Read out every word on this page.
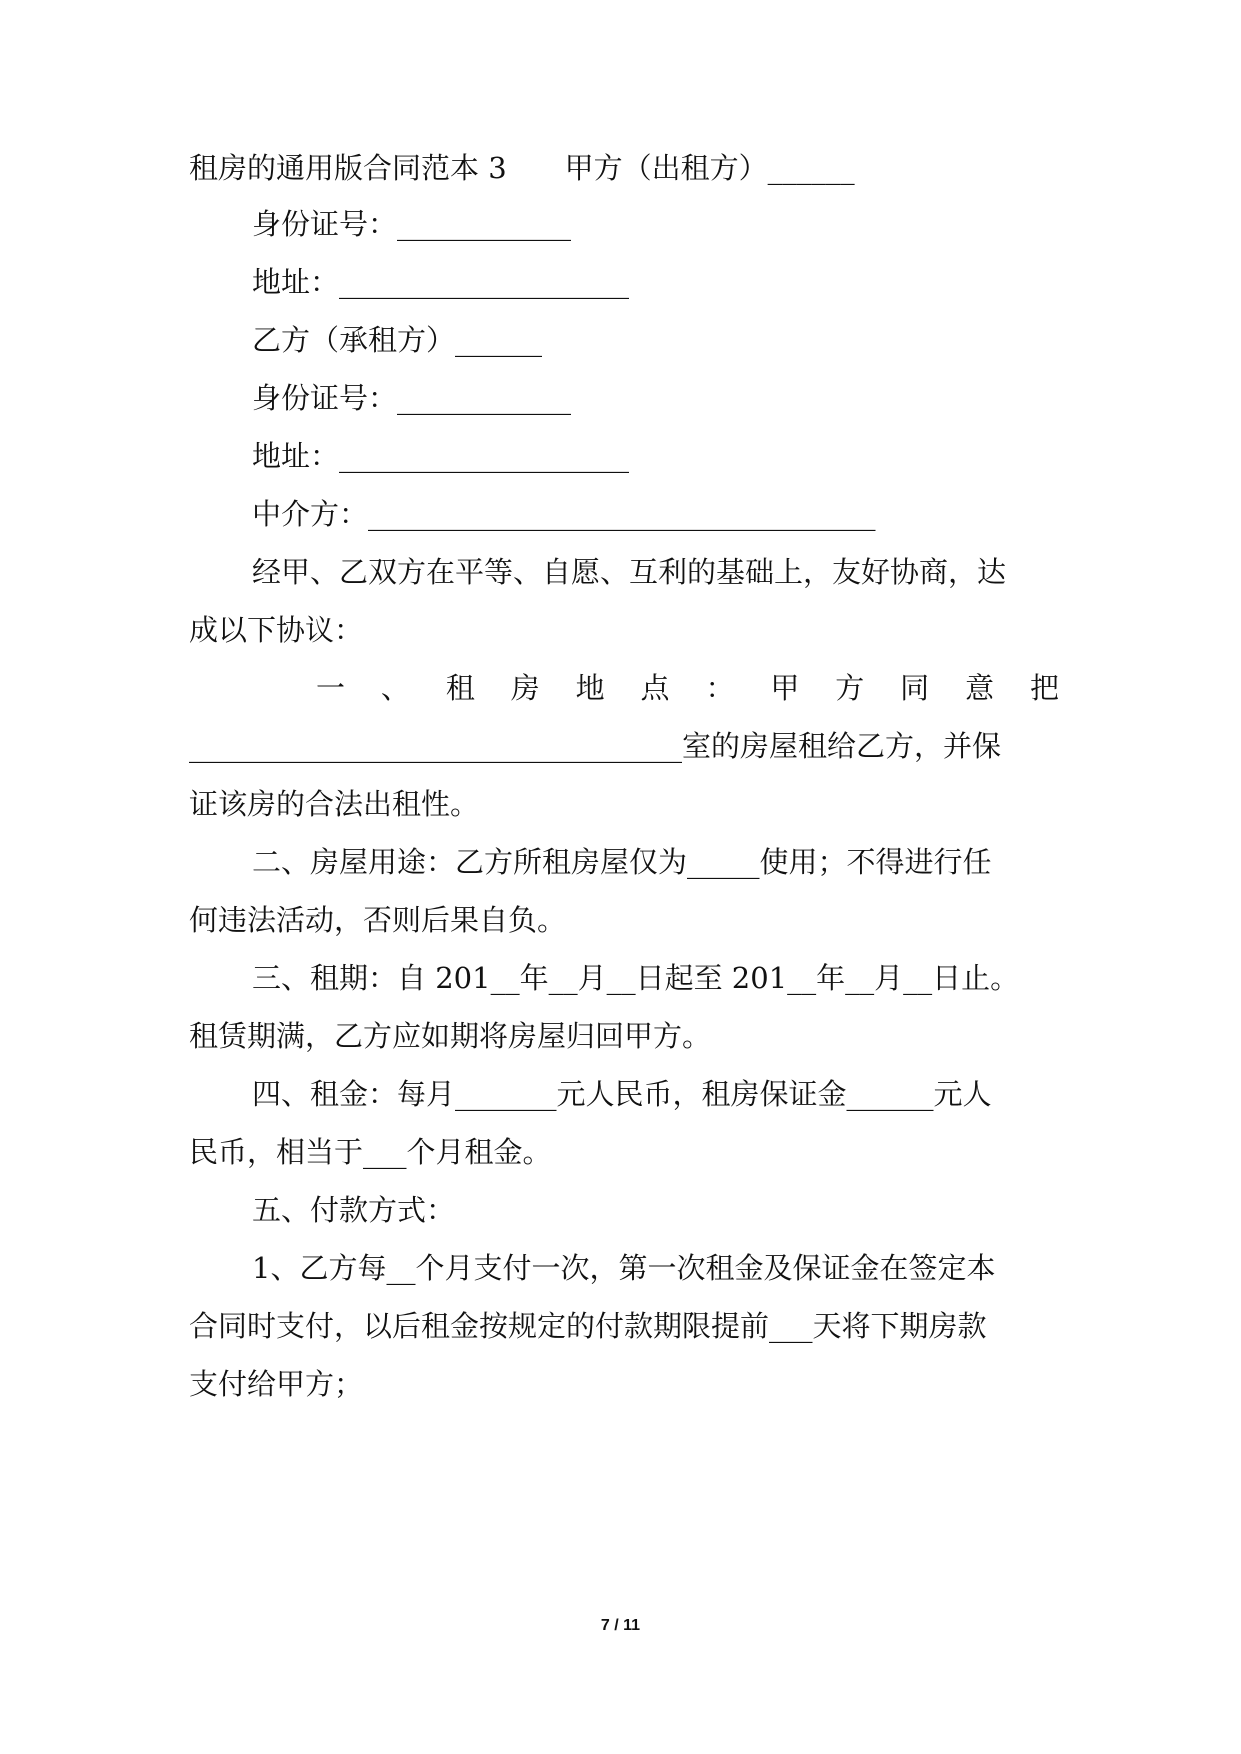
租房的通用版合同范本 3　　甲方（出租方）______
身份证号：____________
地址：____________________
乙方（承租方）______
身份证号：____________
地址：____________________
中介方：___________________________________
经甲、乙双方在平等、自愿、互利的基础上，友好协商，达
成以下协议：
一 、 租 房 地 点 ： 甲 方 同 意 把
__________________________________室的房屋租给乙方，并保
证该房的合法出租性。
二、房屋用途：乙方所租房屋仅为_____使用；不得进行任
何违法活动，否则后果自负。
三、租期：自 201__年__月__日起至 201__年__月__日止。
租赁期满，乙方应如期将房屋归回甲方。
四、租金：每月_______元人民币，租房保证金______元人
民币，相当于___个月租金。
五、付款方式：
1、乙方每__个月支付一次，第一次租金及保证金在签定本
合同时支付，以后租金按规定的付款期限提前___天将下期房款
支付给甲方；
7 / 11
